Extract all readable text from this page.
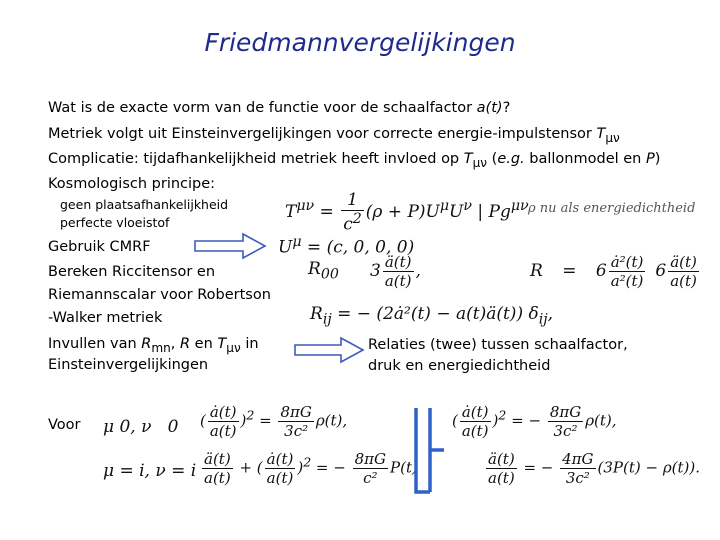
Friedmannvergelijkingen
Wat is de exacte vorm van de functie voor de schaalfactor a(t)?
Metriek volgt uit Einsteinvergelijkingen voor correcte energie-impulstensor $T_{\mu\nu}$
Complicatie: tijdafhankelijkheid metriek heeft invloed op $T_{\mu\nu}$ (e.g. ballonmodel en P)
Kosmologisch principe:
geen plaatsafhankelijkheid
perfecte vloeistof
Gebruik CMRF
Bereken Riccitensor en
Riemannscalar voor Robertson
-Walker metriek
Invullen van $R_{mn}$, R en $T_{\mu\nu}$ in
Einsteinvergelijkingen
Relaties (twee) tussen schaalfactor,
druk en energiedichtheid
Voor
$T^{\mu\nu} = \frac{1}{c^2} (\rho + P)U^\mu U^\nu$ | $Pg^{\mu\nu}$ ρ nu als energiedichtheid
$U^\mu = (c$, 0, 0, 0)
$R_{00}$ $3 \frac{ä(t)}{a(t)}$ ,	$R = 6 \frac{\text{ȧ²(t)}}{\text{a²(t)}} 6 \frac{ä(t)}{a(t)}$
$R_{ij}$ = − (2ȧ²(t) − a(t)ä(t)) $\delta_{ij}$,
μ 0, ν   0
μ = i, ν = i
( $\frac{ȧ(t)}{a(t)} )^2 = \frac{8\pi G}{\text{3c²}} \rho(t)$,
$\frac{ä(t)}{a(t)}$ + ( $\frac{ȧ(t)}{a(t)} )^2$ = − $\frac{8\pi G}{\text{c²}} P(t)$
( $\frac{ȧ(t)}{a(t)} )^2$ = − $\frac{8\pi G}{\text{3c²}} \rho(t)$,
$\frac{ä(t)}{a(t)}$ = − $\frac{4\pi G}{\text{3c²}} (3P(t) - \rho(t))$.
